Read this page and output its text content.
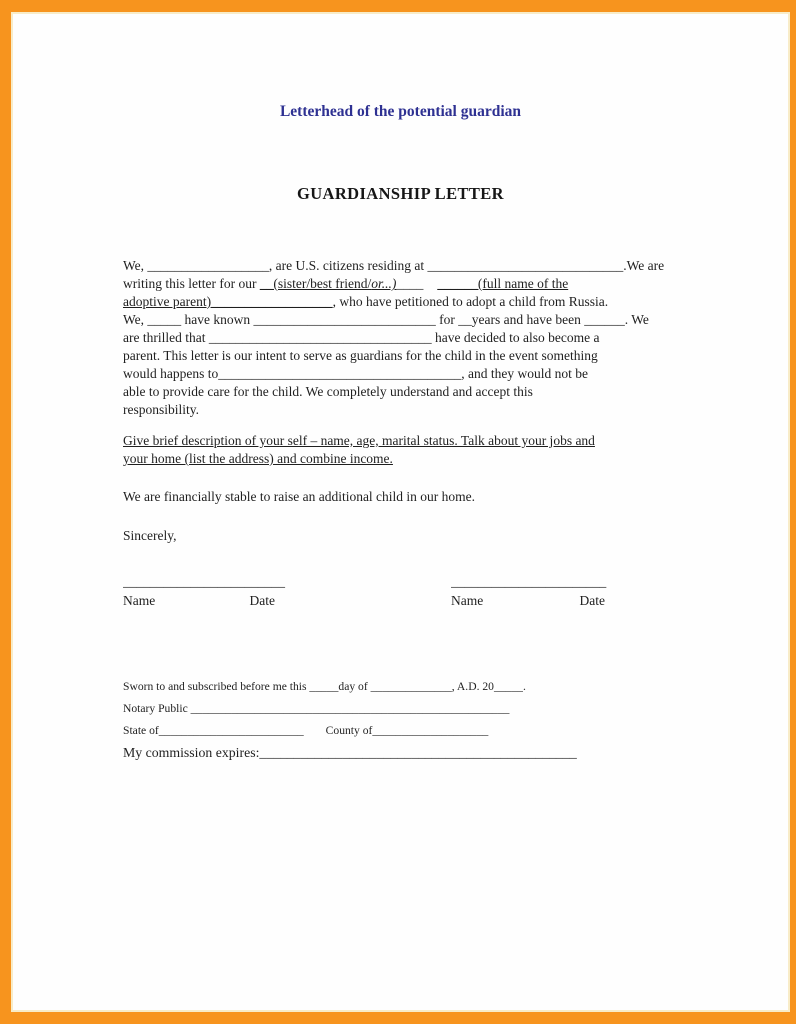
Letterhead of the potential guardian
GUARDIANSHIP LETTER
We, __________________, are U.S. citizens residing at _____________________________.We are
writing this letter for our __(sister/best friend/or...)____ ______(full name of the
adoptive parent)__________________, who have petitioned to adopt a child from Russia.
We, _____ have known ___________________________ for __years and have been ______. We
are thrilled that _________________________________ have decided to also become a
parent. This letter is our intent to serve as guardians for the child in the event something
would happens to____________________________________, and they would not be
able to provide care for the child. We completely understand and accept this
responsibility.
Give brief description of your self – name, age, marital status. Talk about your jobs and
your home (list the address) and combine income.
We are financially stable to raise an additional child in our home.
Sincerely,
________________________
Name	Date
_______________________
Name	Date
Sworn to and subscribed before me this _____day of ______________, A.D. 20_____.
Notary Public _______________________________________________________
State of_________________________ County of____________________
My commission expires:______________________________________________
